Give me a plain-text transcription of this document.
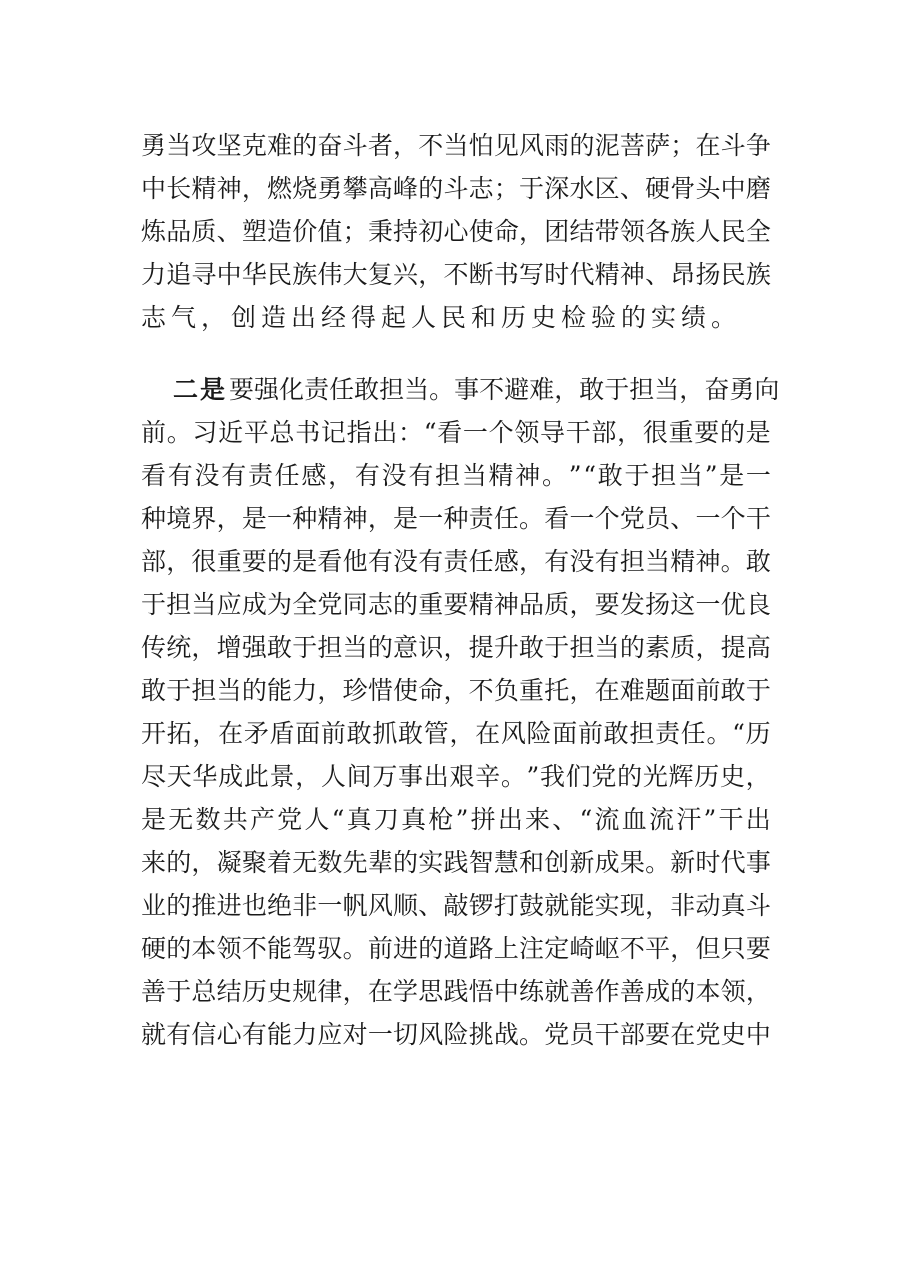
勇 当 攻 坚 克 难 的 奋 斗 者 ， 不 当 怕 见 风 雨 的 泥 菩 萨 ； 在 斗 争
中 长 精 神 ， 燃 烧 勇 攀 高 峰 的 斗 志 ； 于 深 水 区 、 硬 骨 头 中 磨
炼 品 质 、 塑 造 价 值 ； 秉 持 初 心 使 命 ， 团 结 带 领 各 族 人 民 全
力 追 寻 中 华 民 族 伟 大 复 兴 ， 不 断 书 写 时 代 精 神 、 昂 扬 民 族
志气，创造出经得起人民和历史检验的实绩。
二是 要 强 化 责 任 敢 担 当 。 事 不 避 难 ， 敢 于 担 当 ， 奋 勇 向
前 。 习 近 平 总 书 记 指 出 ： “ 看 一 个 领 导 干 部 ， 很 重 要 的 是
看 有 没 有 责 任 感 ， 有 没 有 担 当 精 神 。 ” “ 敢 于 担 当 ” 是 一
种 境 界 ， 是 一 种 精 神 ， 是 一 种 责 任 。 看 一 个 党 员 、 一 个 干
部 ， 很 重 要 的 是 看 他 有 没 有 责 任 感 ， 有 没 有 担 当 精 神 。 敢
于 担 当 应 成 为 全 党 同 志 的 重 要 精 神 品 质 ， 要 发 扬 这 一 优 良
传 统 ， 增 强 敢 于 担 当 的 意 识 ， 提 升 敢 于 担 当 的 素 质 ， 提 高
敢 于 担 当 的 能 力 ， 珍 惜 使 命 ， 不 负 重 托 ， 在 难 题 面 前 敢 于
开 拓 ， 在 矛 盾 面 前 敢 抓 敢 管 ， 在 风 险 面 前 敢 担 责 任 。 “ 历
尽 天 华 成 此 景 ， 人 间 万 事 出 艰 辛 。 ” 我 们 党 的 光 辉 历 史 ，
是 无 数 共 产 党 人 “ 真 刀 真 枪 ” 拼 出 来 、 “ 流 血 流 汗 ” 干 出
来 的 ， 凝 聚 着 无 数 先 辈 的 实 践 智 慧 和 创 新 成 果 。 新 时 代 事
业 的 推 进 也 绝 非 一 帆 风 顺 、 敲 锣 打 鼓 就 能 实 现 ， 非 动 真 斗
硬 的 本 领 不 能 驾 驭 。 前 进 的 道 路 上 注 定 崎 岖 不 平 ， 但 只 要
善 于 总 结 历 史 规 律 ， 在 学 思 践 悟 中 练 就 善 作 善 成 的 本 领 ，
就 有 信 心 有 能 力 应 对 一 切 风 险 挑 战 。 党 员 干 部 要 在 党 史 中
